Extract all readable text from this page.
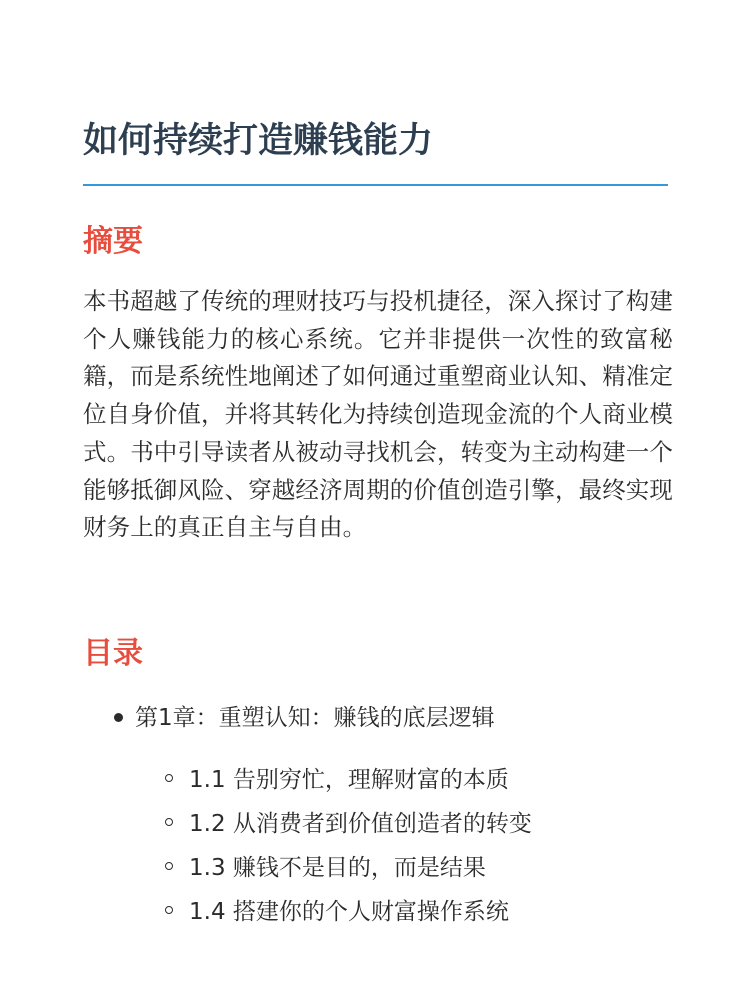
如何持续打造赚钱能力
摘要

本书超越了传统的理财技巧与投机捷径，深入探讨了构建个人赚钱能力的核心系统。它并非提供一次性的致富秘籍，而是系统性地阐述了如何通过重塑商业认知、精准定位自身价值，并将其转化为持续创造现金流的个人商业模式。书中引导读者从被动寻找机会，转变为主动构建一个能够抵御风险、穿越经济周期的价值创造引擎，最终实现财务上的真正自主与自由。

目录
第1章：重塑认知：赚钱的底层逻辑
1.1 告别穷忙，理解财富的本质
1.2 从消费者到价值创造者的转变
1.3 赚钱不是目的，而是结果
1.4 搭建你的个人财富操作系统
